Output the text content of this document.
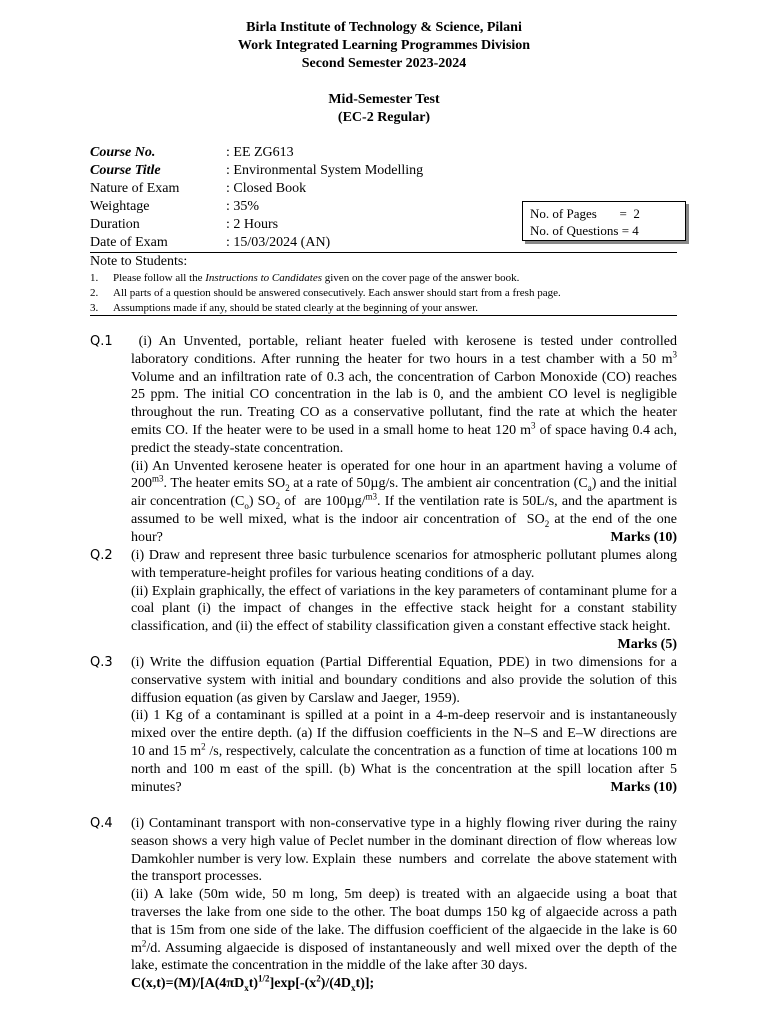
Birla Institute of Technology & Science, Pilani
Work Integrated Learning Programmes Division
Second Semester 2023-2024
Mid-Semester Test
(EC-2 Regular)
Course No.	: EE ZG613
Course Title	: Environmental System Modelling
Nature of Exam	: Closed Book
Weightage	: 35%
Duration	: 2 Hours
Date of Exam	: 15/03/2024 (AN)
No. of Pages       =  2
No. of Questions = 4
Note to Students:
1. Please follow all the Instructions to Candidates given on the cover page of the answer book.
2. All parts of a question should be answered consecutively. Each answer should start from a fresh page.
3. Assumptions made if any, should be stated clearly at the beginning of your answer.
Q.1 (i) An Unvented, portable, reliant heater fueled with kerosene is tested under controlled laboratory conditions. After running the heater for two hours in a test chamber with a 50 $m^3$ Volume and an infiltration rate of 0.3 ach, the concentration of Carbon Monoxide (CO) reaches 25 ppm. The initial CO concentration in the lab is 0, and the ambient CO level is negligible throughout the run. Treating CO as a conservative pollutant, find the rate at which the heater emits CO. If the heater were to be used in a small home to heat 120 $m^3$ of space having 0.4 ach, predict the steady-state concentration.

(ii) An Unvented kerosene heater is operated for one hour in an apartment having a volume of $200^{m3}$. The heater emits $SO_2$ at a rate of 50µg/s. The ambient air concentration $(C_a)$ and the initial air concentration $(C_o)$ $SO_2$ of  are 100µg/$^{m3}$. If the ventilation rate is 50L/s, and the apartment is assumed to be well mixed, what is the indoor air concentration of  $SO_2$ at the end of the one hour?	Marks (10)

Q.2 (i) Draw and represent three basic turbulence scenarios for atmospheric pollutant plumes along with temperature-height profiles for various heating conditions of a day.

(ii) Explain graphically, the effect of variations in the key parameters of contaminant plume for a coal plant (i) the impact of changes in the effective stack height for a constant stability classification, and (ii) the effect of stability classification given a constant effective stack height.
Marks (5)

Q.3 (i) Write the diffusion equation (Partial Differential Equation, PDE) in two dimensions for a conservative system with initial and boundary conditions and also provide the solution of this diffusion equation (as given by Carslaw and Jaeger, 1959).

(ii) 1 Kg of a contaminant is spilled at a point in a 4-m-deep reservoir and is instantaneously mixed over the entire depth. (a) If the diffusion coefficients in the N–S and E–W directions are 10 and 15 $m^2$ /s, respectively, calculate the concentration as a function of time at locations 100 m north and 100 m east of the spill. (b) What is the concentration at the spill location after 5 minutes?	Marks (10)

Q.4 (i) Contaminant transport with non-conservative type in a highly flowing river during the rainy season shows a very high value of Peclet number in the dominant direction of flow whereas low Damkohler number is very low. Explain  these  numbers  and  correlate  the above statement with the transport processes.

(ii) A lake (50m wide, 50 m long, 5m deep) is treated with an algaecide using a boat that traverses the lake from one side to the other. The boat dumps 150 kg of algaecide across a path that is 15m from one side of the lake. The diffusion coefficient of the algaecide in the lake is 60 $m^2/d$. Assuming algaecide is disposed of instantaneously and well mixed over the depth of the lake, estimate the concentration in the middle of the lake after 30 days.

$C(x,t)=(M)/[A(4\pi D_xt)^{1/2}]\exp[-(x^2)/(4D_xt)]$;
